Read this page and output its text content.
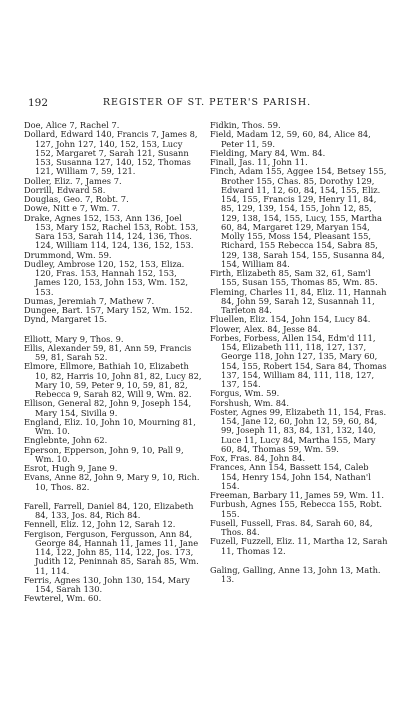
192	REGISTER OF ST. PETER'S PARISH.
Doe, Alice 7, Rachel 7.
Dollard, Edward 140, Francis 7, James 8, 127, John 127, 140, 152, 153, Lucy 152, Margaret 7, Sarah 121, Susann 153, Susanna 127, 140, 152, Thomas 121, William 7, 59, 121.
Doller, Eliz. 7, James 7.
Dorrill, Edward 58.
Douglas, Geo. 7, Robt. 7.
Dowe, Nitt e 7, Wm. 7.
Drake, Agnes 152, 153, Ann 136, Joel 153, Mary 152, Rachel 153, Robt. 153, Sara 153, Sarah 114, 124, 136, Thos. 124, William 114, 124, 136, 152, 153.
Drummond, Wm. 59.
Dudley, Ambrose 120, 152, 153, Eliza. 120, Fras. 153, Hannah 152, 153, James 120, 153, John 153, Wm. 152, 153.
Dumas, Jeremiah 7, Mathew 7.
Dungee, Bart. 157, Mary 152, Wm. 152.
Dynd, Margaret 15.
Elliott, Mary 9, Thos. 9.
Ellis, Alexander 59, 81, Ann 59, Francis 59, 81, Sarah 52.
Elmore, Ellmore, Bathiah 10, Elizabeth 10, 82, Harris 10, John 81, 82, Lucy 82, Mary 10, 59, Peter 9, 10, 59, 81, 82, Rebecca 9, Sarah 82, Will 9, Wm. 82.
Ellison, General 82, John 9, Joseph 154, Mary 154, Sivilla 9.
England, Eliz. 10, John 10, Mourning 81, Wm. 10.
Englebnte, John 62.
Eperson, Epperson, John 9, 10, Pall 9, Wm. 10.
Esrot, Hugh 9, Jane 9.
Evans, Anne 82, John 9, Mary 9, 10, Rich. 10, Thos. 82.
Farell, Farrell, Daniel 84, 120, Elizabeth 84, 133, Jos. 84, Rich 84.
Fennell, Eliz. 12, John 12, Sarah 12.
Fergison, Ferguson, Fergusson, Ann 84, George 84, Hannah 11, James 11, Jane 114, 122, John 85, 114, 122, Jos. 173, Judith 12, Peninnah 85, Sarah 85, Wm. 11, 114.
Ferris, Agnes 130, John 130, 154, Mary 154, Sarah 130.
Fewterel, Wm. 60.
Fidkin, Thos. 59.
Field, Madam 12, 59, 60, 84, Alice 84, Peter 11, 59.
Fielding, Mary 84, Wm. 84.
Finall, Jas. 11, John 11.
Finch, Adam 155, Aggee 154, Betsey 155, Brother 155, Chas. 85, Dorothy 129, Edward 11, 12, 60, 84, 154, 155, Eliz. 154, 155, Francis 129, Henry 11, 84, 85, 129, 139, 154, 155, John 12, 85, 129, 138, 154, 155, Lucy, 155, Martha 60, 84, Margaret 129, Maryan 154, Molly 155, Moss 154, Pleasant 155, Richard, 155 Rebecca 154, Sabra 85, 129, 138, Sarah 154, 155, Susanna 84, 154, William 84.
Firth, Elizabeth 85, Sam 32, 61, Sam'l 155, Susan 155, Thomas 85, Wm. 85.
Fleming, Charles 11, 84, Eliz. 11, Hannah 84, John 59, Sarah 12, Susannah 11, Tarleton 84.
Fluellen, Eliz. 154, John 154, Lucy 84.
Flower, Alex. 84, Jesse 84.
Forbes, Forbess, Allen 154, Edm'd 111, 154, Elizabeth 111, 118, 127, 137, George 118, John 127, 135, Mary 60, 154, 155, Robert 154, Sara 84, Thomas 137, 154, William 84, 111, 118, 127, 137, 154.
Forgus, Wm. 59.
Forshush, Wm. 84.
Foster, Agnes 99, Elizabeth 11, 154, Fras. 154, Jane 12, 60, John 12, 59, 60, 84, 99, Joseph 11, 83, 84, 131, 132, 140, Luce 11, Lucy 84, Martha 155, Mary 60, 84, Thomas 59, Wm. 59.
Fox, Fras. 84, John 84.
Frances, Ann 154, Bassett 154, Caleb 154, Henry 154, John 154, Nathan'l 154.
Freeman, Barbary 11, James 59, Wm. 11.
Furbush, Agnes 155, Rebecca 155, Robt. 155.
Fusell, Fussell, Fras. 84, Sarah 60, 84, Thos. 84.
Fuzell, Fuzzell, Eliz. 11, Martha 12, Sarah 11, Thomas 12.
Galing, Galling, Anne 13, John 13, Math. 13.
